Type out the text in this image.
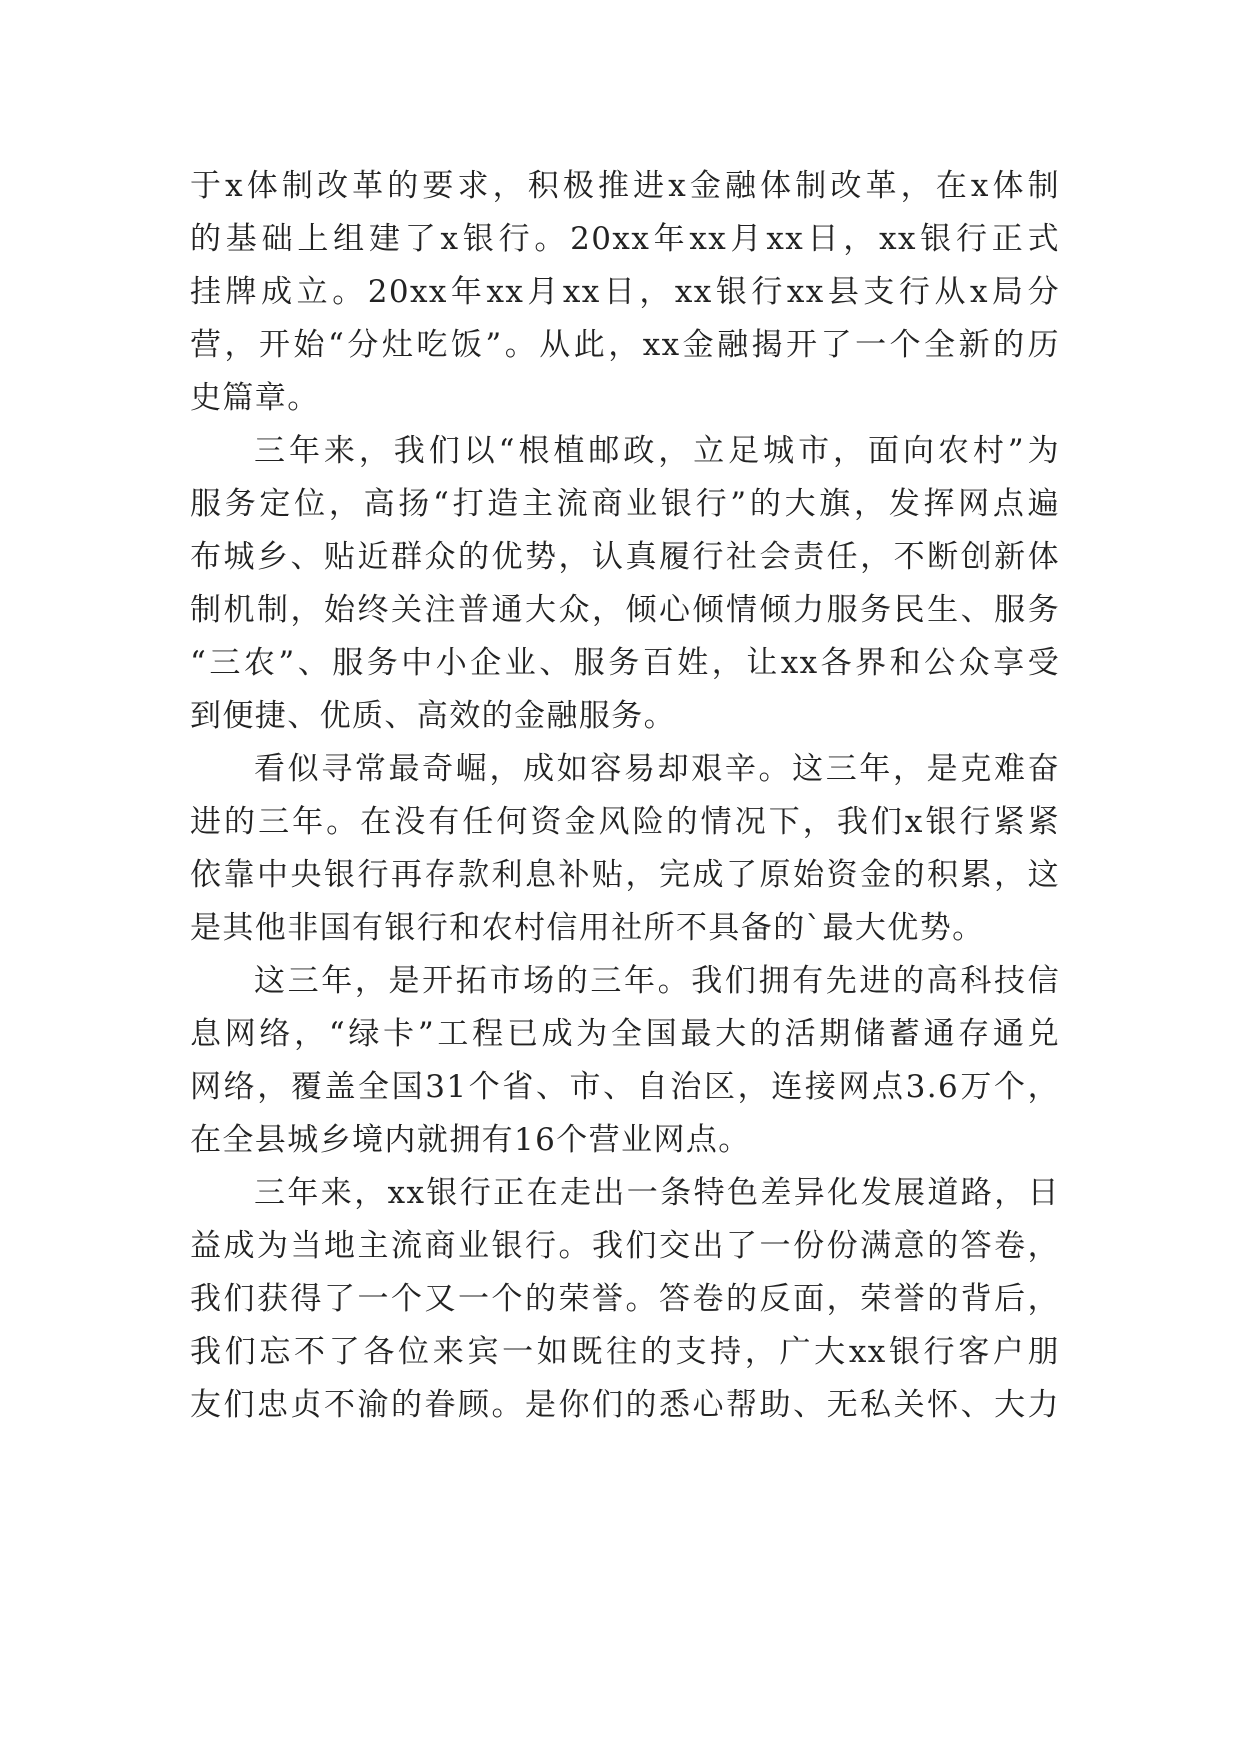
于x体制改革的要求，积极推进x金融体制改革，在x体制
的基础上组建了x银行。20xx年xx月xx日，xx银行正式
挂牌成立。20xx年xx月xx日，xx银行xx县支行从x局分
营，开始“分灶吃饭”。从此，xx金融揭开了一个全新的历
史篇章。
三年来，我们以“根植邮政，立足城市，面向农村”为
服务定位，高扬“打造主流商业银行”的大旗，发挥网点遍
布城乡、贴近群众的优势，认真履行社会责任，不断创新体
制机制，始终关注普通大众，倾心倾情倾力服务民生、服务
“三农”、服务中小企业、服务百姓，让xx各界和公众享受
到便捷、优质、高效的金融服务。
看似寻常最奇崛，成如容易却艰辛。这三年，是克难奋
进的三年。在没有任何资金风险的情况下，我们x银行紧紧
依靠中央银行再存款利息补贴，完成了原始资金的积累，这
是其他非国有银行和农村信用社所不具备的`最大优势。
这三年，是开拓市场的三年。我们拥有先进的高科技信
息网络，“绿卡”工程已成为全国最大的活期储蓄通存通兑
网络，覆盖全国31个省、市、自治区，连接网点3.6万个，
在全县城乡境内就拥有16个营业网点。
三年来，xx银行正在走出一条特色差异化发展道路，日
益成为当地主流商业银行。我们交出了一份份满意的答卷，
我们获得了一个又一个的荣誉。答卷的反面，荣誉的背后，
我们忘不了各位来宾一如既往的支持，广大xx银行客户朋
友们忠贞不渝的眷顾。是你们的悉心帮助、无私关怀、大力
